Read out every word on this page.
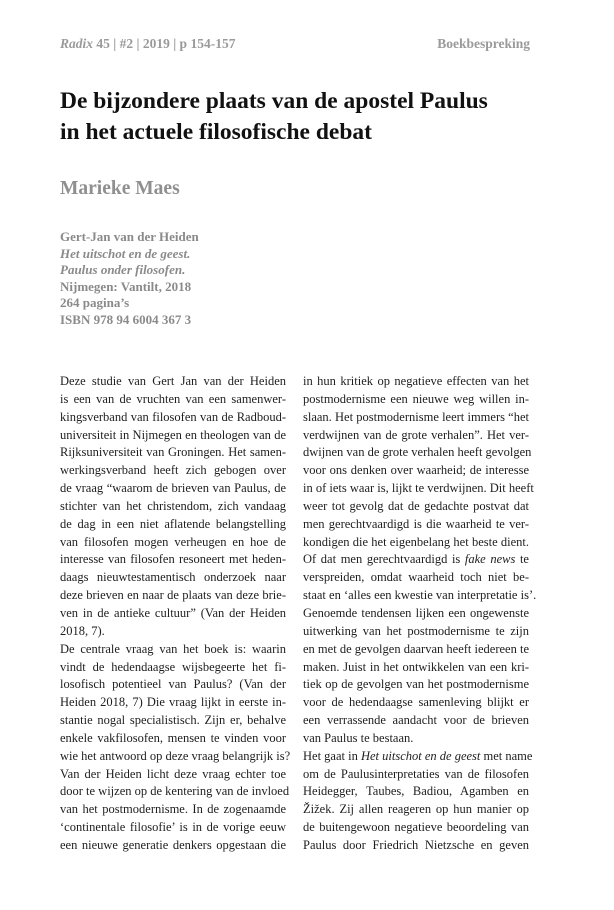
Radix 45 | #2 | 2019 | p 154-157	Boekbespreking
De bijzondere plaats van de apostel Paulus
in het actuele filosofische debat
Marieke Maes
Gert-Jan van der Heiden
Het uitschot en de geest.
Paulus onder filosofen.
Nijmegen: Vantilt, 2018
264 pagina’s
ISBN 978 94 6004 367 3
Deze studie van Gert Jan van der Heiden
is een van de vruchten van een samenwer-
kingsverband van filosofen van de Radboud-
universiteit in Nijmegen en theologen van de
Rijksuniversiteit van Groningen. Het samen-
werkingsverband heeft zich gebogen over
de vraag “waarom de brieven van Paulus, de
stichter van het christendom, zich vandaag
de dag in een niet aflatende belangstelling
van filosofen mogen verheugen en hoe de
interesse van filosofen resoneert met heden-
daags nieuwtestamentisch onderzoek naar
deze brieven en naar de plaats van deze brie-
ven in de antieke cultuur” (Van der Heiden
2018, 7).
De centrale vraag van het boek is: waarin
vindt de hedendaagse wijsbegeerte het fi-
losofisch potentieel van Paulus? (Van der
Heiden 2018, 7) Die vraag lijkt in eerste in-
stantie nogal specialistisch. Zijn er, behalve
enkele vakfilosofen, mensen te vinden voor
wie het antwoord op deze vraag belangrijk is?
Van der Heiden licht deze vraag echter toe
door te wijzen op de kentering van de invloed
van het postmodernisme. In de zogenaamde
‘continentale filosofie’ is in de vorige eeuw
een nieuwe generatie denkers opgestaan die
in hun kritiek op negatieve effecten van het
postmodernisme een nieuwe weg willen in-
slaan. Het postmodernisme leert immers “het
verdwijnen van de grote verhalen”. Het ver-
dwijnen van de grote verhalen heeft gevolgen
voor ons denken over waarheid; de interesse
in of iets waar is, lijkt te verdwijnen. Dit heeft
weer tot gevolg dat de gedachte postvat dat
men gerechtvaardigd is die waarheid te ver-
kondigen die het eigenbelang het beste dient.
Of dat men gerechtvaardigd is fake news te
verspreiden, omdat waarheid toch niet be-
staat en ‘alles een kwestie van interpretatie is’.
Genoemde tendensen lijken een ongewenste
uitwerking van het postmodernisme te zijn
en met de gevolgen daarvan heeft iedereen te
maken. Juist in het ontwikkelen van een kri-
tiek op de gevolgen van het postmodernisme
voor de hedendaagse samenleving blijkt er
een verrassende aandacht voor de brieven
van Paulus te bestaan.
Het gaat in Het uitschot en de geest met name
om de Paulusinterpretaties van de filosofen
Heidegger, Taubes, Badiou, Agamben en
Žižek. Zij allen reageren op hun manier op
de buitengewoon negatieve beoordeling van
Paulus door Friedrich Nietzsche en geven
